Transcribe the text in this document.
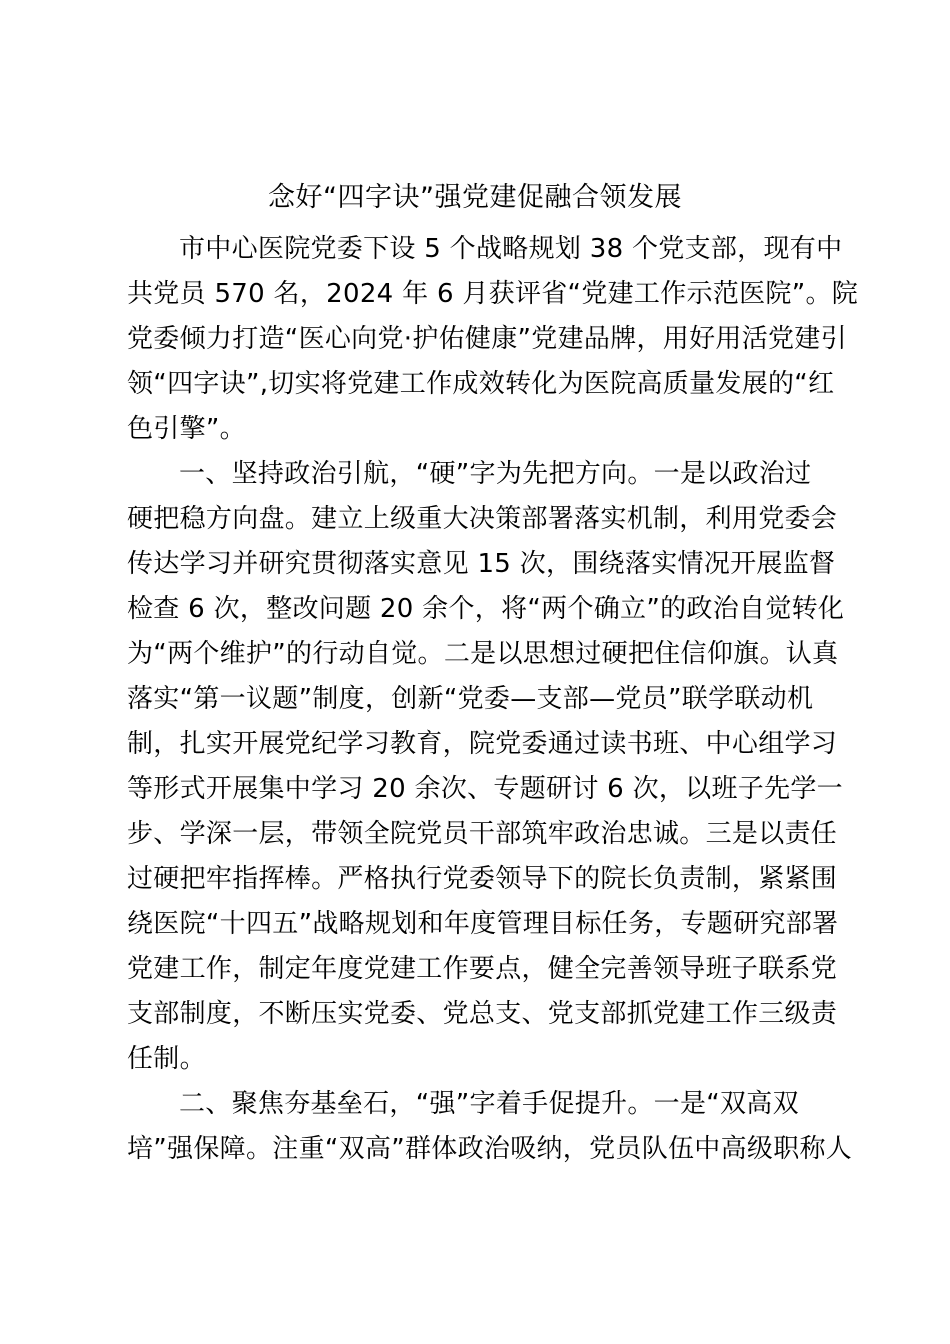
念好“四字诀”强党建促融合领发展
市中心医院党委下设 5 个战略规划 38 个党支部，现有中
共党员 570 名，2024 年 6 月获评省“党建工作示范医院”。院
党委倾力打造“医心向党·护佑健康”党建品牌，用好用活党建引
领“四字诀”,切实将党建工作成效转化为医院高质量发展的“红
色引擎”。
一、坚持政治引航，“硬”字为先把方向。一是以政治过
硬把稳方向盘。建立上级重大决策部署落实机制，利用党委会
传达学习并研究贯彻落实意见 15 次，围绕落实情况开展监督
检查 6 次，整改问题 20 余个，将“两个确立”的政治自觉转化
为“两个维护”的行动自觉。二是以思想过硬把住信仰旗。认真
落实“第一议题”制度，创新“党委—支部—党员”联学联动机
制，扎实开展党纪学习教育，院党委通过读书班、中心组学习
等形式开展集中学习 20 余次、专题研讨 6 次，以班子先学一
步、学深一层，带领全院党员干部筑牢政治忠诚。三是以责任
过硬把牢指挥棒。严格执行党委领导下的院长负责制，紧紧围
绕医院“十四五”战略规划和年度管理目标任务，专题研究部署
党建工作，制定年度党建工作要点，健全完善领导班子联系党
支部制度，不断压实党委、党总支、党支部抓党建工作三级责
任制。
二、聚焦夯基垒石，“强”字着手促提升。一是“双高双
培”强保障。注重“双高”群体政治吸纳，党员队伍中高级职称人
